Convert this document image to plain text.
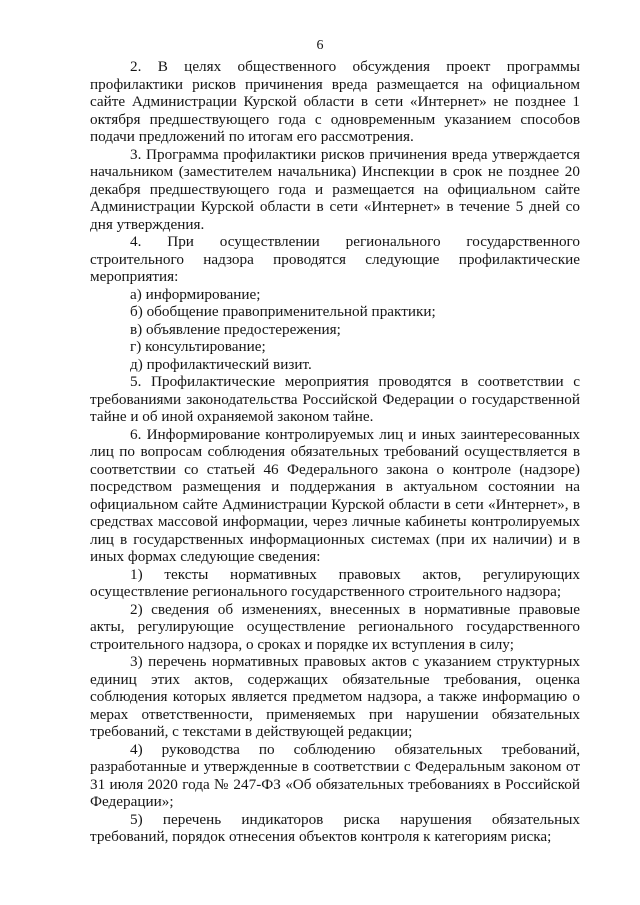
6

2. В целях общественного обсуждения проект программы профилактики рисков причинения вреда размещается на официальном сайте Администрации Курской области в сети «Интернет» не позднее 1 октября предшествующего года с одновременным указанием способов подачи предложений по итогам его рассмотрения.

3. Программа профилактики рисков причинения вреда утверждается начальником (заместителем начальника) Инспекции в срок не позднее 20 декабря предшествующего года и размещается на официальном сайте Администрации Курской области в сети «Интернет» в течение 5 дней со дня утверждения.

4. При осуществлении регионального государственного строительного надзора проводятся следующие профилактические мероприятия:

а) информирование;

б) обобщение правоприменительной практики;

в) объявление предостережения;

г) консультирование;

д) профилактический визит.

5. Профилактические мероприятия проводятся в соответствии с требованиями законодательства Российской Федерации о государственной тайне и об иной охраняемой законом тайне.

6. Информирование контролируемых лиц и иных заинтересованных лиц по вопросам соблюдения обязательных требований осуществляется в соответствии со статьей 46 Федерального закона о контроле (надзоре) посредством размещения и поддержания в актуальном состоянии на официальном сайте Администрации Курской области в сети «Интернет», в средствах массовой информации, через личные кабинеты контролируемых лиц в государственных информационных системах (при их наличии) и в иных формах следующие сведения:

1) тексты нормативных правовых актов, регулирующих осуществление регионального государственного строительного надзора;

2) сведения об изменениях, внесенных в нормативные правовые акты, регулирующие осуществление регионального государственного строительного надзора, о сроках и порядке их вступления в силу;

3) перечень нормативных правовых актов с указанием структурных единиц этих актов, содержащих обязательные требования, оценка соблюдения которых является предметом надзора, а также информацию о мерах ответственности, применяемых при нарушении обязательных требований, с текстами в действующей редакции;

4) руководства по соблюдению обязательных требований, разработанные и утвержденные в соответствии с Федеральным законом от 31 июля 2020 года № 247-ФЗ «Об обязательных требованиях в Российской Федерации»;

5) перечень индикаторов риска нарушения обязательных требований, порядок отнесения объектов контроля к категориям риска;
